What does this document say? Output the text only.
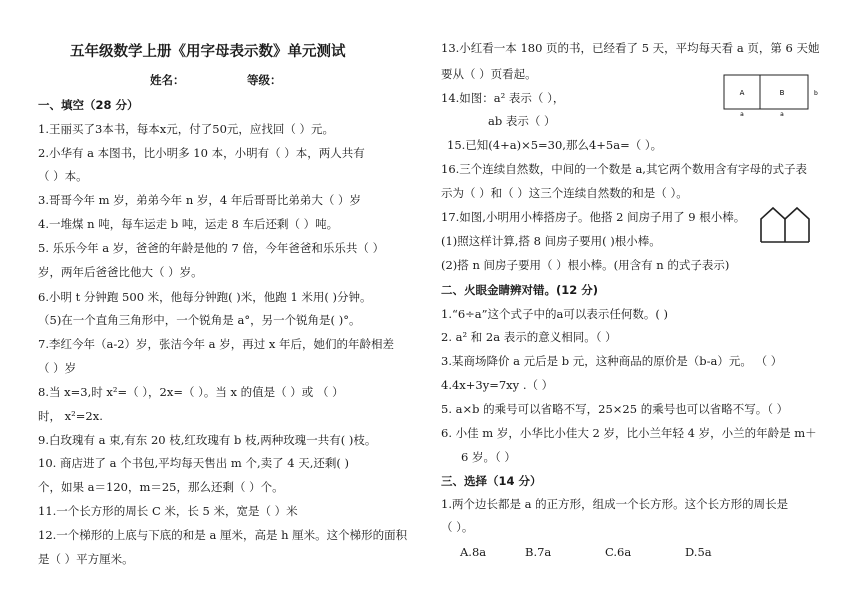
五年级数学上册《用字母表示数》单元测试
姓名：	等级：
一、填空（28 分）
1.王丽买了3本书，每本x元，付了50元，应找回（ ）元。
2.小华有 a 本图书，比小明多 10 本，小明有（ ）本，两人共有
（ ）本。
3.哥哥今年 m 岁，弟弟今年 n 岁，4 年后哥哥比弟弟大（ ）岁
4.一堆煤 n 吨，每车运走 b 吨，运走 8 车后还剩（ ）吨。
5. 乐乐今年 a 岁，爸爸的年龄是他的 7 倍，今年爸爸和乐乐共（ ）
岁，两年后爸爸比他大（ ）岁。
6.小明 t 分钟跑 500 米，他每分钟跑( )米，他跑 1 米用( )分钟。
（5)在一个直角三角形中，一个锐角是 a°，另一个锐角是( )°。
7.李红今年（a-2）岁，张洁今年 a 岁，再过 x 年后，她们的年龄相差
（ ）岁
8.当 x=3,时 x²=（ ），2x=（ ）。当 x 的值是（ ）或 （ ）
时， x²=2x.
9.白玫瑰有 a 束,有东 20 枝,红玫瑰有 b 枝,两种玫瑰一共有( )枝。
10. 商店进了 a 个书包,平均每天售出 m 个,卖了 4 天,还剩( )
个，如果 a＝120，m＝25，那么还剩（ ）个。
11.一个长方形的周长 C 米，长 5 米，宽是（ ）米
12.一个梯形的上底与下底的和是 a 厘米，高是 h 厘米。这个梯形的面积
是（ ）平方厘米。
13.小红看一本 180 页的书，已经看了 5 天，平均每天看 a 页，第 6 天她
要从（ ）页看起。
14.如图：a² 表示（ ），
ab 表示（ ）
15.已知(4+a)×5=30,那么4+5a=（ ）。
16.三个连续自然数，中间的一个数是 a,其它两个数用含有字母的式子表
示为（ ）和（ ）这三个连续自然数的和是（ ）。
17.如图,小明用小棒搭房子。他搭 2 间房子用了 9 根小棒。
(1)照这样计算,搭 8 间房子要用( )根小棒。
(2)搭 n 间房子要用（ ）根小棒。(用含有 n 的式子表示)
二、火眼金睛辨对错。(12 分)
1.“6÷a”这个式子中的a可以表示任何数。( )
2. a² 和 2a 表示的意义相同。（ ）
3.某商场降价 a 元后是 b 元，这种商品的原价是（b-a）元。 （ ）
4.4x+3y=7xy .（ ）
5. a×b 的乘号可以省略不写，25×25 的乘号也可以省略不写。（ ）
6. 小佳 m 岁，小华比小佳大 2 岁，比小兰年轻 4 岁，小兰的年龄是 m＋
6 岁。（ ）
三、选择（14 分）
1.两个边长都是 a 的正方形，组成一个长方形。这个长方形的周长是
（ ）。
A.8a	B.7a	C.6a	D.5a
A	B
a	a
b
